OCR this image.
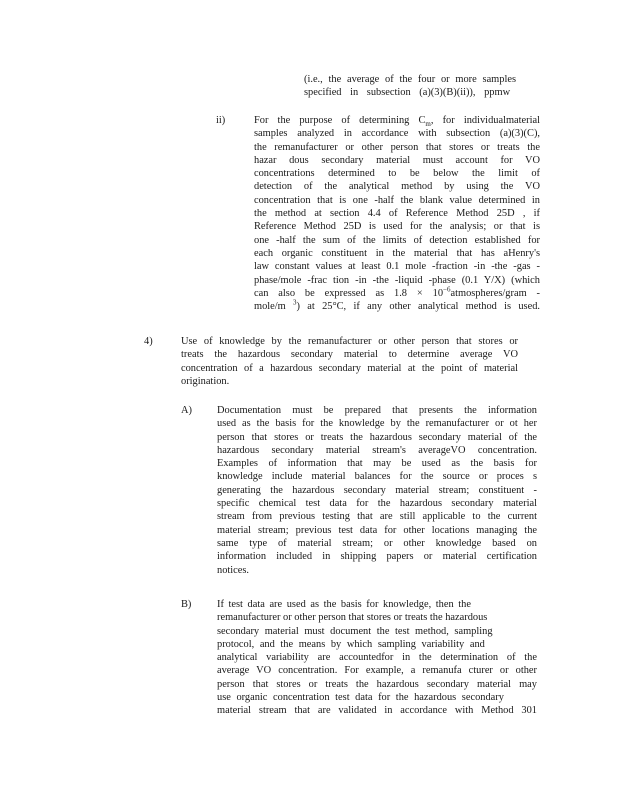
(i.e., the average of the four or more samples
specified in subsection (a)(3)(B)(ii)), ppmw
ii)	For the purpose of determining $C_m$, for individualmaterial
samples analyzed in accordance with subsection (a)(3)(C),
the remanufacturer or other person that stores or treats the
hazar dous secondary material must account for VO
concentrations determined to be below the limit of
detection of the analytical method by using the VO
concentration that is one -half the blank value determined in
the method at section 4.4 of Reference Method 25D , if
Reference Method 25D is used for the analysis; or that is
one -half the sum of the limits of detection established for
each organic constituent in the material that has aHenry's
law constant values at least 0.1 mole -fraction -in -the -gas -
phase/mole -frac tion -in -the -liquid -phase (0.1 Y/X) (which
can also be expressed as $1.8 \times 10^{-6}atmospheres$/gram -
mole/m $^3$) at 25°C, if any other analytical method is used.
4)	Use of knowledge by the remanufacturer or other person that stores or
treats the hazardous secondary material to determine average VO
concentration of a hazardous secondary material at the point of material
origination.
A) Documentation must be prepared that presents the information
used as the basis for the knowledge by the remanufacturer or ot her
person that stores or treats the hazardous secondary material of the
hazardous secondary material stream's averageVO concentration.
Examples of information that may be used as the basis for
knowledge include material balances for the source or proces s
generating the hazardous secondary material stream; constituent -
specific chemical test data for the hazardous secondary material
stream from previous testing that are still applicable to the current
material stream; previous test data for other locations managing the
same type of material stream; or other knowledge based on
information included in shipping papers or material certification
notices.
B) If test data are used as the basis for knowledge, then the
remanufacturer or other person that stores or treats the hazardous
secondary material must document the test method, sampling
protocol, and the means by which sampling variability and
analytical variability are accountedfor in the determination of the
average VO concentration. For example, a remanufa cturer or other
person that stores or treats the hazardous secondary material may
use organic concentration test data for the hazardous secondary
material stream that are validated in accordance with Method 301
